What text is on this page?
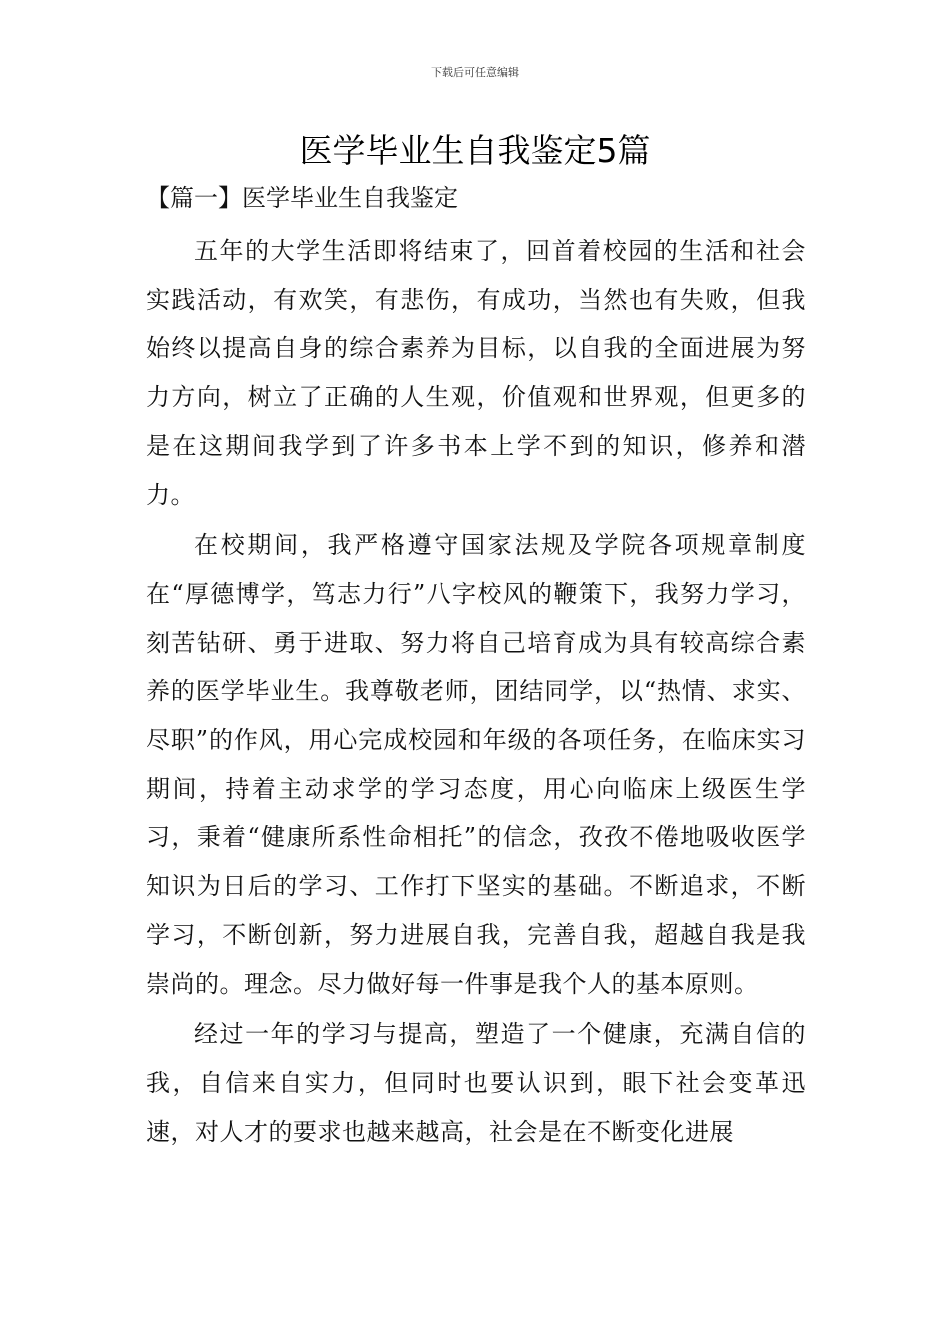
下载后可任意编辑
医学毕业生自我鉴定5篇
【篇一】医学毕业生自我鉴定

五年的大学生活即将结束了，回首着校园的生活和社会实践活动，有欢笑，有悲伤，有成功，当然也有失败，但我始终以提高自身的综合素养为目标，以自我的全面进展为努力方向，树立了正确的人生观，价值观和世界观，但更多的是在这期间我学到了许多书本上学不到的知识，修养和潜力。

在校期间，我严格遵守国家法规及学院各项规章制度在“厚德博学，笃志力行”八字校风的鞭策下，我努力学习，刻苦钻研、勇于进取、努力将自己培育成为具有较高综合素养的医学毕业生。我尊敬老师，团结同学，以“热情、求实、尽职”的作风，用心完成校园和年级的各项任务，在临床实习期间，持着主动求学的学习态度，用心向临床上级医生学习，秉着“健康所系性命相托”的信念，孜孜不倦地吸收医学知识为日后的学习、工作打下坚实的基础。不断追求，不断学习，不断创新，努力进展自我，完善自我，超越自我是我崇尚的。理念。尽力做好每一件事是我个人的基本原则。

经过一年的学习与提高，塑造了一个健康，充满自信的我，自信来自实力，但同时也要认识到，眼下社会变革迅速，对人才的要求也越来越高，社会是在不断变化进展
